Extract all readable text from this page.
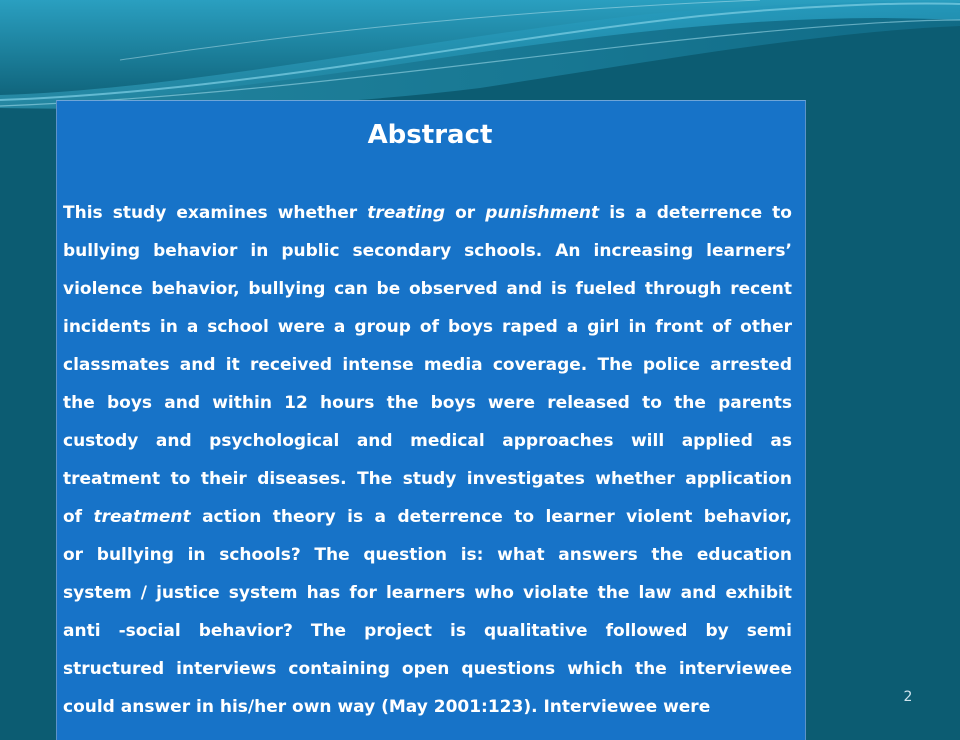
Abstract
This study examines whether treating or punishment is a deterrence to
bullying behavior in public secondary schools. An increasing learners’
violence behavior, bullying can be observed and is fueled through recent
incidents in a school were a group of boys raped a girl in front of other
classmates and it received intense media coverage. The police arrested
the boys and within 12 hours the boys were released to the parents
custody and psychological and medical approaches will applied as
treatment to their diseases. The study investigates whether application
of treatment action theory is a deterrence to learner violent behavior,
or bullying in schools? The question is: what answers the education
system / justice system has for learners who violate the law and exhibit
anti -social behavior? The project is qualitative followed by semi
structured interviews containing open questions which the interviewee
could answer in his/her own way (May 2001:123). Interviewee were	2
